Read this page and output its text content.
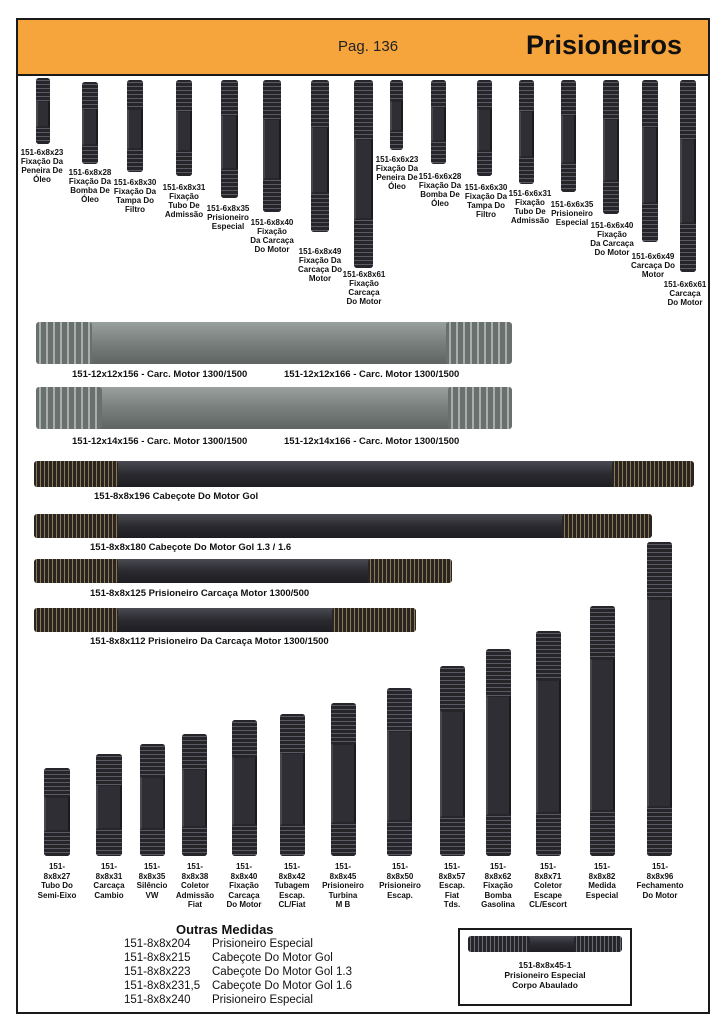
Pag. 136	Prisioneiros
151-6x8x23
Fixação Da
Peneira De
Óleo
151-6x8x28
Fixação Da
Bomba De
Óleo
151-6x8x30
Fixação Da
Tampa Do
Filtro
151-6x8x31
Fixação
Tubo De
Admissão
151-6x8x35
Prisioneiro
Especial 151-6x8x40
Fixação
Da Carcaça
Do Motor	151-6x8x49
Fixação Da
Carcaça Do
Motor	151-6x8x61
Fixação
Carcaça
Do Motor
151-6x6x23
Fixação Da
Peneira De
Óleo
151-6x6x28
Fixação Da
Bomba De
Óleo
151-6x6x30
Fixação Da
Tampa Do
Filtro
151-6x6x31
Fixação
Tubo De
Admissão
151-6x6x35
Prisioneiro
Especial 151-6x6x40
Fixação
Da Carcaça
Do Motor 151-6x6x49
Carcaça Do
Motor
151-6x6x61
Carcaça
Do Motor
151-12x12x156 - Carc. Motor 1300/1500	151-12x12x166 - Carc. Motor 1300/1500
151-12x14x156 - Carc. Motor 1300/1500	151-12x14x166 - Carc. Motor 1300/1500
151-8x8x196 Cabeçote Do Motor Gol
151-8x8x180 Cabeçote Do Motor Gol 1.3 / 1.6
151-8x8x125 Prisioneiro Carcaça Motor 1300/500
151-8x8x112 Prisioneiro Da Carcaça Motor 1300/1500
151-
8x8x27
Tubo Do
Semi-Eixo
151-
8x8x31
Carcaça
Cambio
151-
8x8x35
Silêncio
VW
151-
8x8x38
Coletor
Admissão
Fiat
151-
8x8x40
Fixação
Carcaça
Do Motor
151-
8x8x42
Tubagem
Escap.
CL/Fiat
151-
8x8x45
Prisioneiro
Turbina
M B
151-
8x8x50
Prisioneiro
Escap.
151-
8x8x57
Escap.
Fiat
Tds.
151-
8x8x62
Fixação
Bomba
Gasolina
151-
8x8x71
Coletor
Escape
CL/Escort
151-
8x8x82
Medida
Especial
151-
8x8x96
Fechamento
Do Motor
Outras Medidas
151-8x8x204 Prisioneiro Especial
151-8x8x215 Cabeçote Do Motor Gol
151-8x8x223 Cabeçote Do Motor Gol 1.3
151-8x8x231,5 Cabeçote Do Motor Gol 1.6
151-8x8x240 Prisioneiro Especial
151-8x8x45-1
Prisioneiro Especial
Corpo Abaulado
